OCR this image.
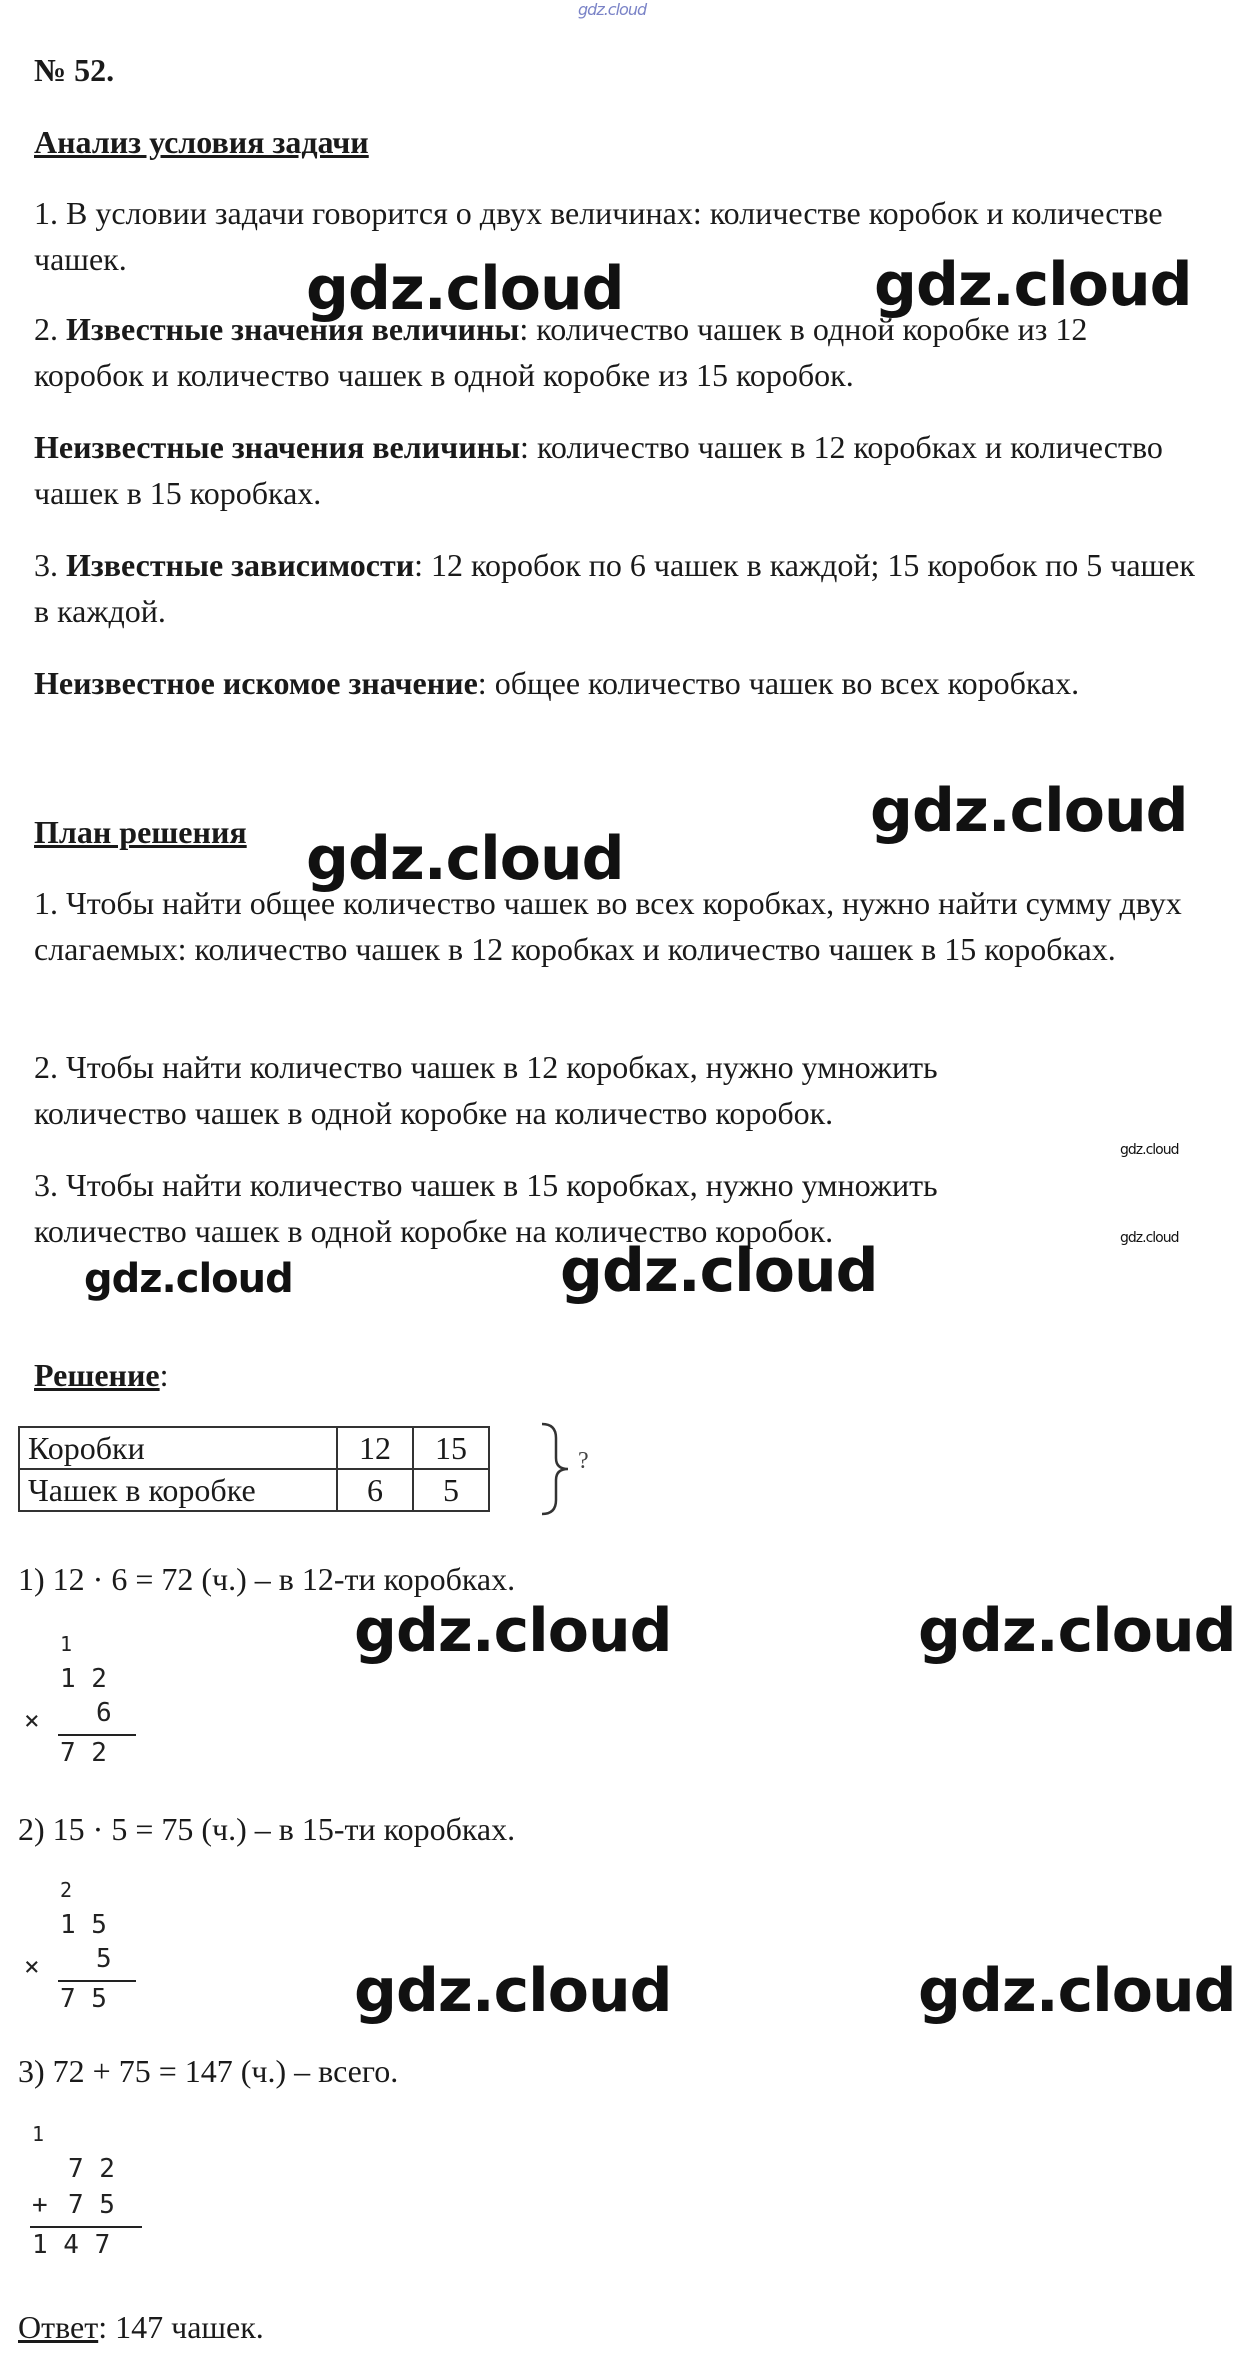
gdz.cloud
№ 52.
Анализ условия задачи

1. В условии задачи говорится о двух величинах: количестве коробок и количестве чашек.

2. Известные значения величины: количество чашек в одной коробке из 12 коробок и количество чашек в одной коробке из 15 коробок.

Неизвестные значения величины: количество чашек в 12 коробках и количество чашек в 15 коробках.

3. Известные зависимости: 12 коробок по 6 чашек в каждой; 15 коробок по 5 чашек в каждой.

Неизвестное искомое значение: общее количество чашек во всех коробках.

План решения

1. Чтобы найти общее количество чашек во всех коробках, нужно найти сумму двух слагаемых: количество чашек в 12 коробках и количество чашек в 15 коробках.

2. Чтобы найти количество чашек в 12 коробках, нужно умножить количество чашек в одной коробке на количество коробок.

3. Чтобы найти количество чашек в 15 коробках, нужно умножить количество чашек в одной коробке на количество коробок.

Решение:
Коробки	12	15
Чашек в коробке	6	5
?
1) 12 · 6 = 72 (ч.) – в 12-ти коробках.
1
1 2
× 6
7 2
2) 15 · 5 = 75 (ч.) – в 15-ти коробках.
2
1 5
× 5
7 5
3) 72 + 75 = 147 (ч.) – всего.
1
7 2
+ 7 5
1 4 7
Ответ: 147 чашек.
gdz.cloud	gdz.cloud
gdz.cloud
gdz.cloud
gdz.cloud
gdz.cloud
gdz.cloud	gdz.cloud
gdz.cloud	gdz.cloud
gdz.cloud	gdz.cloud
